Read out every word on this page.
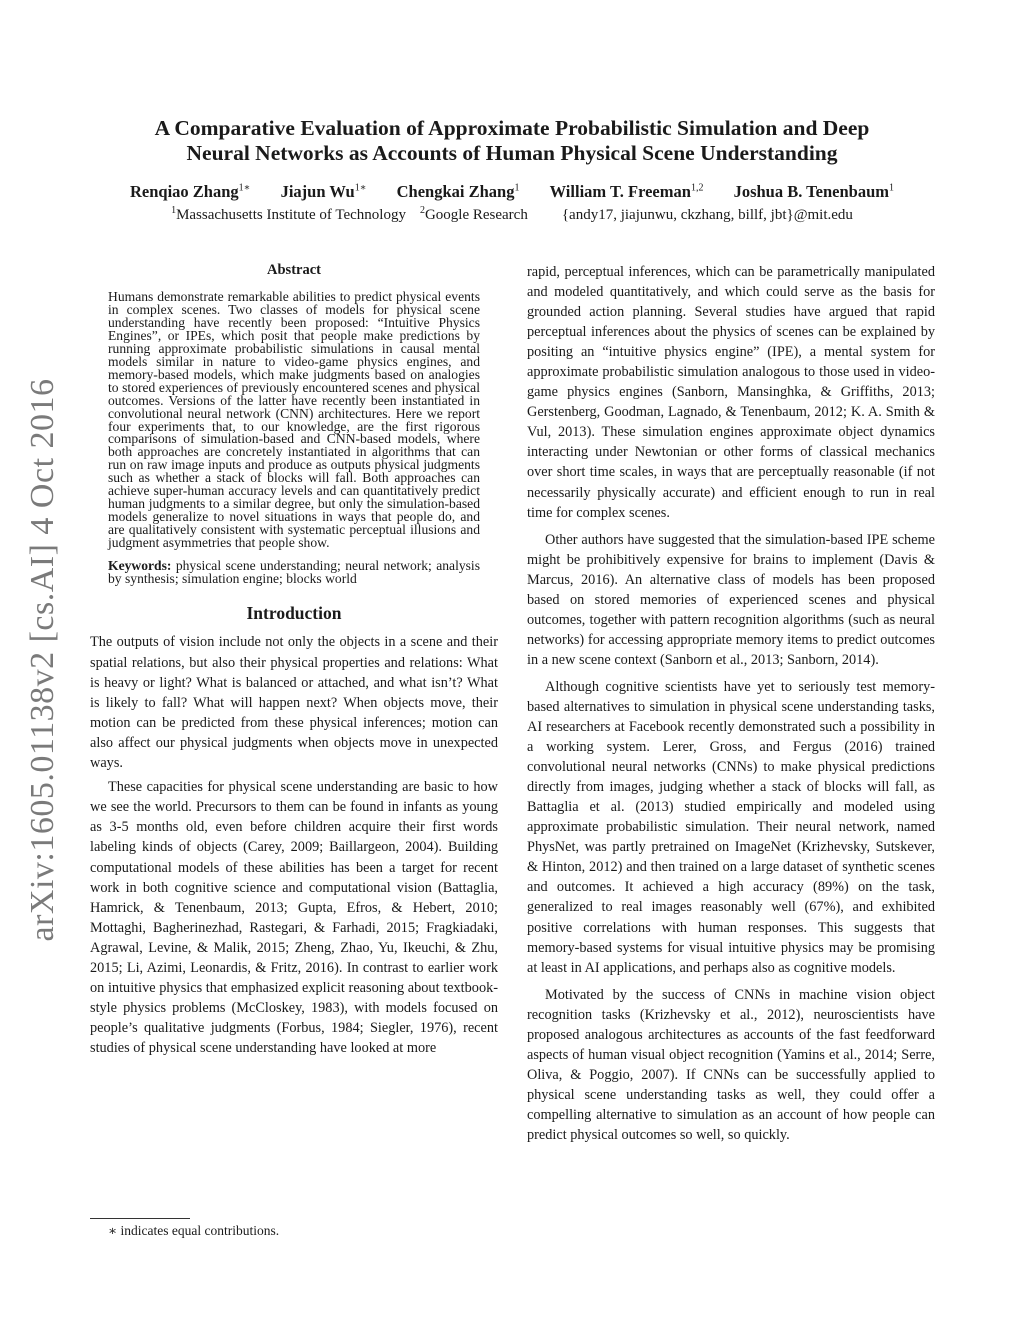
arXiv:1605.01138v2 [cs.AI] 4 Oct 2016
A Comparative Evaluation of Approximate Probabilistic Simulation and Deep
Neural Networks as Accounts of Human Physical Scene Understanding
Renqiao Zhang$^{1∗}$ Jiajun $Wu^{1∗}$ Chengkai Zhang$^1$ William T. Freeman$^{1,2}$ Joshua B. Tenenbaum$^1$
$^1$Massachusetts Institute of Technology $^2$Google Research {andy17, jiajunwu, ckzhang, billf, jbt}@mit.edu
Abstract

Humans demonstrate remarkable abilities to predict physical events in complex scenes. Two classes of models for physical scene understanding have recently been proposed: “Intuitive Physics Engines”, or IPEs, which posit that people make predictions by running approximate probabilistic simulations in causal mental models similar in nature to video-game physics engines, and memory-based models, which make judgments based on analogies to stored experiences of previously encountered scenes and physical outcomes. Versions of the latter have recently been instantiated in convolutional neural network (CNN) architectures. Here we report four experiments that, to our knowledge, are the first rigorous comparisons of simulation-based and CNN-based models, where both approaches are concretely instantiated in algorithms that can run on raw image inputs and produce as outputs physical judgments such as whether a stack of blocks will fall. Both approaches can achieve super-human accuracy levels and can quantitatively predict human judgments to a similar degree, but only the simulation-based models generalize to novel situations in ways that people do, and are qualitatively consistent with systematic perceptual illusions and judgment asymmetries that people show.

Keywords: physical scene understanding; neural network; analysis by synthesis; simulation engine; blocks world

Introduction

The outputs of vision include not only the objects in a scene and their spatial relations, but also their physical properties and relations: What is heavy or light? What is balanced or attached, and what isn’t? What is likely to fall? What will happen next? When objects move, their motion can be predicted from these physical inferences; motion can also affect our physical judgments when objects move in unexpected ways.

These capacities for physical scene understanding are basic to how we see the world. Precursors to them can be found in infants as young as 3-5 months old, even before children acquire their first words labeling kinds of objects (Carey, 2009; Baillargeon, 2004). Building computational models of these abilities has been a target for recent work in both cognitive science and computational vision (Battaglia, Hamrick, & Tenenbaum, 2013; Gupta, Efros, & Hebert, 2010; Mottaghi, Bagherinezhad, Rastegari, & Farhadi, 2015; Fragkiadaki, Agrawal, Levine, & Malik, 2015; Zheng, Zhao, Yu, Ikeuchi, & Zhu, 2015; Li, Azimi, Leonardis, & Fritz, 2016). In contrast to earlier work on intuitive physics that emphasized explicit reasoning about textbook-style physics problems (McCloskey, 1983), with models focused on people’s qualitative judgments (Forbus, 1984; Siegler, 1976), recent studies of physical scene understanding have looked at more

rapid, perceptual inferences, which can be parametrically manipulated and modeled quantitatively, and which could serve as the basis for grounded action planning. Several studies have argued that rapid perceptual inferences about the physics of scenes can be explained by positing an “intuitive physics engine” (IPE), a mental system for approximate probabilistic simulation analogous to those used in video-game physics engines (Sanborn, Mansinghka, & Griffiths, 2013; Gerstenberg, Goodman, Lagnado, & Tenenbaum, 2012; K. A. Smith & Vul, 2013). These simulation engines approximate object dynamics interacting under Newtonian or other forms of classical mechanics over short time scales, in ways that are perceptually reasonable (if not necessarily physically accurate) and efficient enough to run in real time for complex scenes.

Other authors have suggested that the simulation-based IPE scheme might be prohibitively expensive for brains to implement (Davis & Marcus, 2016). An alternative class of models has been proposed based on stored memories of experienced scenes and physical outcomes, together with pattern recognition algorithms (such as neural networks) for accessing appropriate memory items to predict outcomes in a new scene context (Sanborn et al., 2013; Sanborn, 2014).

Although cognitive scientists have yet to seriously test memory-based alternatives to simulation in physical scene understanding tasks, AI researchers at Facebook recently demonstrated such a possibility in a working system. Lerer, Gross, and Fergus (2016) trained convolutional neural networks (CNNs) to make physical predictions directly from images, judging whether a stack of blocks will fall, as Battaglia et al. (2013) studied empirically and modeled using approximate probabilistic simulation. Their neural network, named PhysNet, was partly pretrained on ImageNet (Krizhevsky, Sutskever, & Hinton, 2012) and then trained on a large dataset of synthetic scenes and outcomes. It achieved a high accuracy (89%) on the task, generalized to real images reasonably well (67%), and exhibited positive correlations with human responses. This suggests that memory-based systems for visual intuitive physics may be promising at least in AI applications, and perhaps also as cognitive models.

Motivated by the success of CNNs in machine vision object recognition tasks (Krizhevsky et al., 2012), neuroscientists have proposed analogous architectures as accounts of the fast feedforward aspects of human visual object recognition (Yamins et al., 2014; Serre, Oliva, & Poggio, 2007). If CNNs can be successfully applied to physical scene understanding tasks as well, they could offer a compelling alternative to simulation as an account of how people can predict physical outcomes so well, so quickly.

∗ indicates equal contributions.
